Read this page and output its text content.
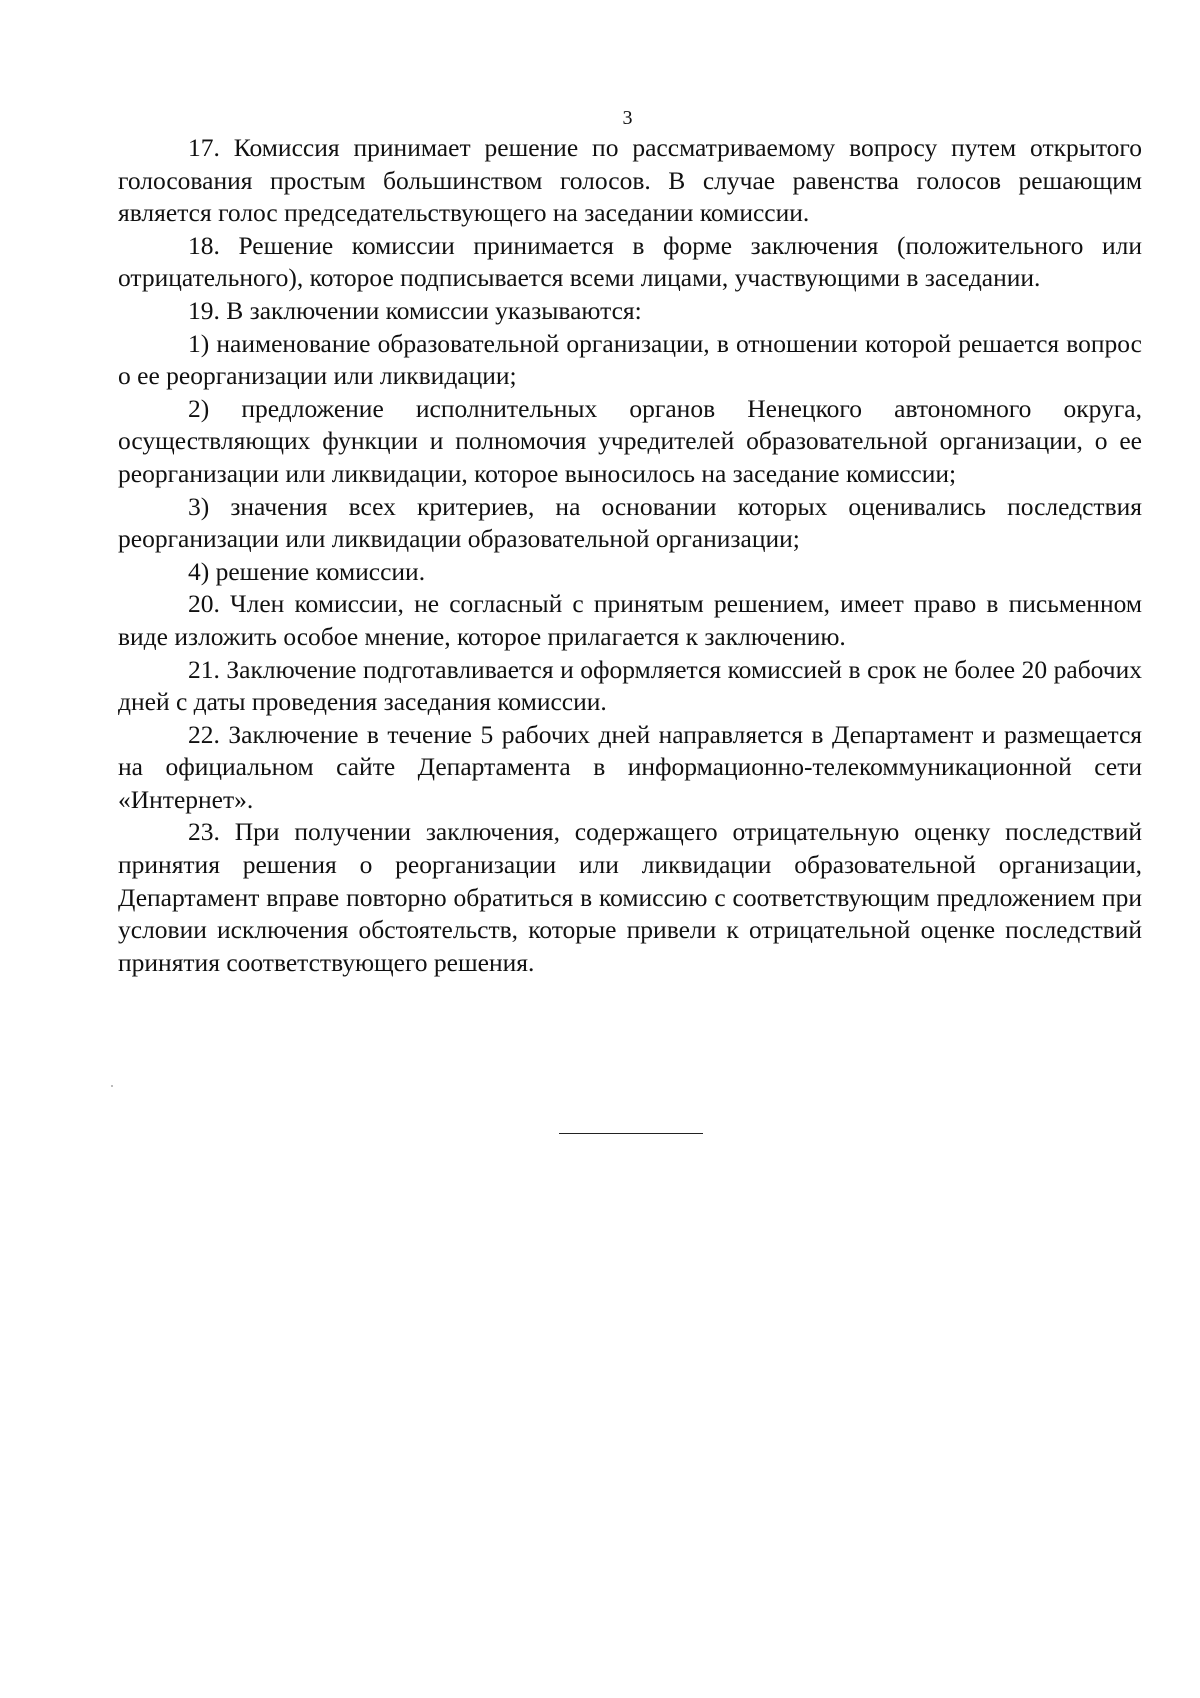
3

17. Комиссия принимает решение по рассматриваемому вопросу путем открытого голосования простым большинством голосов. В случае равенства голосов решающим является голос председательствующего на заседании комиссии.

18. Решение комиссии принимается в форме заключения (положительного или отрицательного), которое подписывается всеми лицами, участвующими в заседании.

19. В заключении комиссии указываются:

1) наименование образовательной организации, в отношении которой решается вопрос о ее реорганизации или ликвидации;

2) предложение исполнительных органов Ненецкого автономного округа, осуществляющих функции и полномочия учредителей образовательной организации, о ее реорганизации или ликвидации, которое выносилось на заседание комиссии;

3) значения всех критериев, на основании которых оценивались последствия реорганизации или ликвидации образовательной организации;

4) решение комиссии.

20. Член комиссии, не согласный с принятым решением, имеет право в письменном виде изложить особое мнение, которое прилагается к заключению.

21. Заключение подготавливается и оформляется комиссией в срок не более 20 рабочих дней с даты проведения заседания комиссии.

22. Заключение в течение 5 рабочих дней направляется в Департамент и размещается на официальном сайте Департамента в информационно-телекоммуникационной сети «Интернет».

23. При получении заключения, содержащего отрицательную оценку последствий принятия решения о реорганизации или ликвидации образовательной организации, Департамент вправе повторно обратиться в комиссию с соответствующим предложением при условии исключения обстоятельств, которые привели к отрицательной оценке последствий принятия соответствующего решения.
